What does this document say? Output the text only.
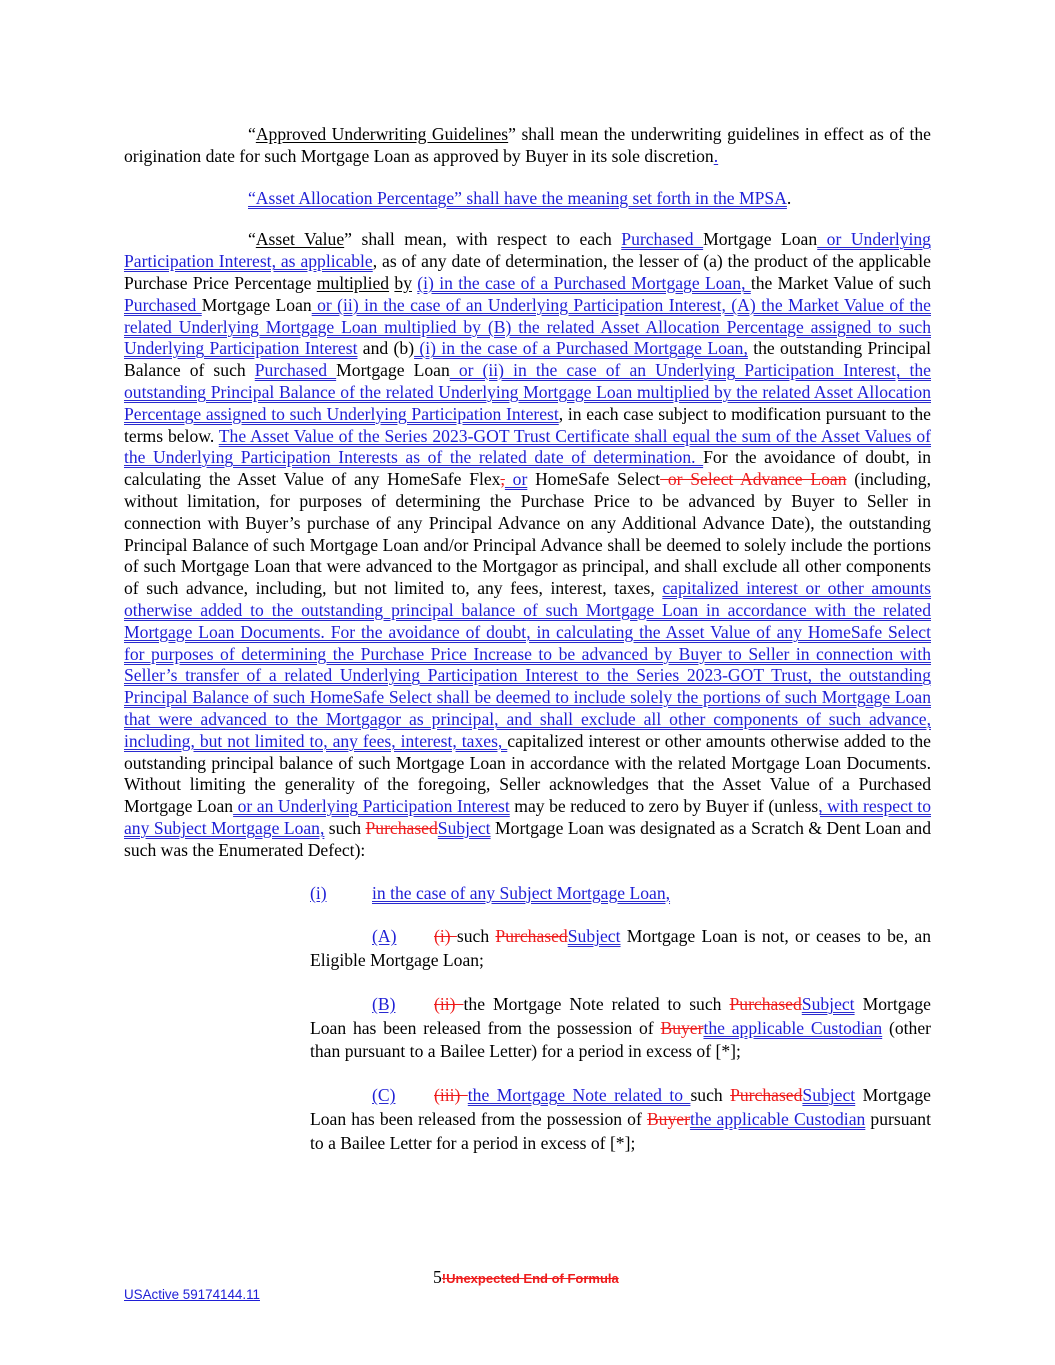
“Approved Underwriting Guidelines” shall mean the underwriting guidelines in effect as of the origination date for such Mortgage Loan as approved by Buyer in its sole discretion.

“Asset Allocation Percentage” shall have the meaning set forth in the MPSA.

“Asset Value” shall mean, with respect to each Purchased Mortgage Loan or Underlying Participation Interest, as applicable, as of any date of determination, the lesser of (a) the product of the applicable Purchase Price Percentage multiplied by (i) in the case of a Purchased Mortgage Loan, the Market Value of such Purchased Mortgage Loan or (ii) in the case of an Underlying Participation Interest, (A) the Market Value of the related Underlying Mortgage Loan multiplied by (B) the related Asset Allocation Percentage assigned to such Underlying Participation Interest and (b) (i) in the case of a Purchased Mortgage Loan, the outstanding Principal Balance of such Purchased Mortgage Loan or (ii) in the case of an Underlying Participation Interest, the outstanding Principal Balance of the related Underlying Mortgage Loan multiplied by the related Asset Allocation Percentage assigned to such Underlying Participation Interest, in each case subject to modification pursuant to the terms below. The Asset Value of the Series 2023-GOT Trust Certificate shall equal the sum of the Asset Values of the Underlying Participation Interests as of the related date of determination. For the avoidance of doubt, in calculating the Asset Value of any HomeSafe Flex, or HomeSafe Select or Select Advance Loan (including, without limitation, for purposes of determining the Purchase Price to be advanced by Buyer to Seller in connection with Buyer’s purchase of any Principal Advance on any Additional Advance Date), the outstanding Principal Balance of such Mortgage Loan and/or Principal Advance shall be deemed to solely include the portions of such Mortgage Loan that were advanced to the Mortgagor as principal, and shall exclude all other components of such advance, including, but not limited to, any fees, interest, taxes, capitalized interest or other amounts otherwise added to the outstanding principal balance of such Mortgage Loan in accordance with the related Mortgage Loan Documents. For the avoidance of doubt, in calculating the Asset Value of any HomeSafe Select for purposes of determining the Purchase Price Increase to be advanced by Buyer to Seller in connection with Seller’s transfer of a related Underlying Participation Interest to the Series 2023-GOT Trust, the outstanding Principal Balance of such HomeSafe Select shall be deemed to include solely the portions of such Mortgage Loan that were advanced to the Mortgagor as principal, and shall exclude all other components of such advance, including, but not limited to, any fees, interest, taxes, capitalized interest or other amounts otherwise added to the outstanding principal balance of such Mortgage Loan in accordance with the related Mortgage Loan Documents. Without limiting the generality of the foregoing, Seller acknowledges that the Asset Value of a Purchased Mortgage Loan or an Underlying Participation Interest may be reduced to zero by Buyer if (unless, with respect to any Subject Mortgage Loan, such PurchasedSubject Mortgage Loan was designated as a Scratch & Dent Loan and such was the Enumerated Defect):

(i)	in the case of any Subject Mortgage Loan,

(A) (i) such PurchasedSubject Mortgage Loan is not, or ceases to be, an Eligible Mortgage Loan;

(B) (ii) the Mortgage Note related to such PurchasedSubject Mortgage Loan has been released from the possession of Buyerthe applicable Custodian (other than pursuant to a Bailee Letter) for a period in excess of [*];

(C) (iii) the Mortgage Note related to such PurchasedSubject Mortgage Loan has been released from the possession of Buyerthe applicable Custodian pursuant to a Bailee Letter for a period in excess of [*];

5!Unexpected End of Formula
USActive 59174144.11
